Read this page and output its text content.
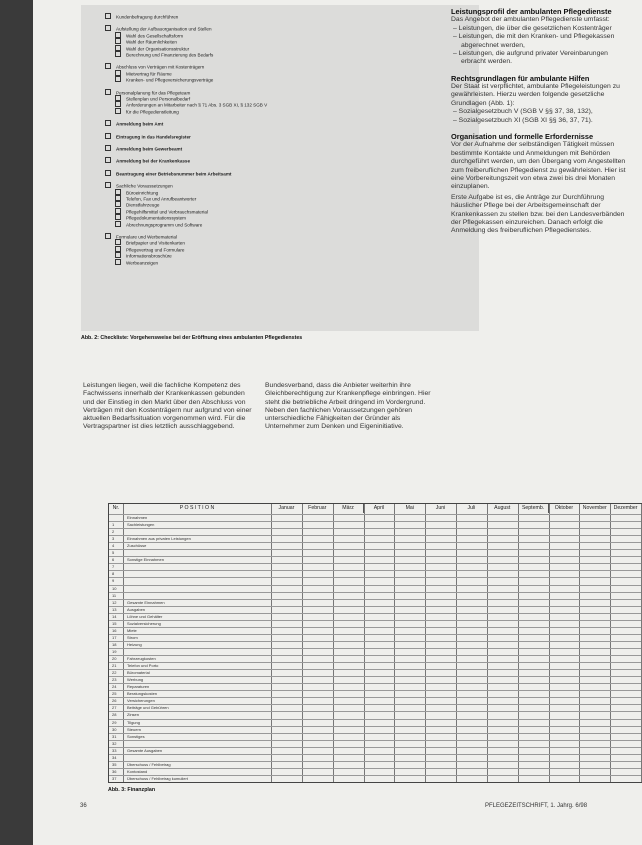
Kundenbefragung durchführen
Aufstellung der Aufbauorganisation und Stellen
Wahl des Gesellschaftsform
Wahl der Räumlichkeiten
Wahl der Organisationsstruktur
Berechnung und Finanzierung des Bedarfs
Abschluss von Verträgen mit Kostenträgern
Mietvertrag für Räume
Kranken- und Pflegeversicherungsverträge
Personalplanung für das Pflegeteam
Stellenplan und Personalbedarf
Anforderungen an Mitarbeiter nach § 71 Abs. 3 SGB XI, § 132 SGB V
für die Pflegedienstleitung
Anmeldung beim Amt
Eintragung in das Handelsregister
Anmeldung beim Gewerbeamt
Anmeldung bei der Krankenkasse
Beantragung einer Betriebsnummer beim Arbeitsamt
Sachliche Voraussetzungen
Büroeinrichtung
Telefon, Fax und Anrufbeantworter
Dienstfahrzeuge
Pflegehilfsmittel und Verbrauchsmaterial
Pflegedokumentationssystem
Abrechnungsprogramm und Software
Formulare und Werbematerial
Briefpapier und Visitenkarten
Pflegevertrag und Formulare
Informationsbroschüre
Werbeanzeigen
Abb. 2: Checkliste: Vorgehensweise bei der Eröffnung eines ambulanten Pflegedienstes

Leistungsprofil der ambulanten Pflegedienste

Das Angebot der ambulanten Pflegedienste umfasst:

– Leistungen, die über die gesetzlichen Kostenträger

– Leistungen, die mit den Kranken- und Pflegekassen abgerechnet werden,

– Leistungen, die aufgrund privater Vereinbarungen erbracht werden.

Rechtsgrundlagen für ambulante Hilfen

Der Staat ist verpflichtet, ambulante Pflegeleistungen zu gewährleisten. Hierzu werden folgende gesetzliche Grundlagen (Abb. 1):

– Sozialgesetzbuch V (SGB V §§ 37, 38, 132),

– Sozialgesetzbuch XI (SGB XI §§ 36, 37, 71).

Organisation und formelle Erfordernisse

Vor der Aufnahme der selbständigen Tätigkeit müssen bestimmte Kontakte und Anmeldungen mit Behörden durchgeführt werden, um den Übergang vom Angestellten zum freiberuflichen Pflegedienst zu gewährleisten. Hier ist eine Vorbereitungszeit von etwa zwei bis drei Monaten einzuplanen.

Erste Aufgabe ist es, die Anträge zur Durchführung häuslicher Pflege bei der Arbeitsgemeinschaft der Krankenkassen zu stellen bzw. bei den Landesverbänden der Pflegekassen einzureichen. Danach erfolgt die Anmeldung des freiberuflichen Pflegedienstes.

Leistungen liegen, weil die fachliche Kompetenz des Fachwissens innerhalb der Krankenkassen gebunden und der Einstieg in den Markt über den Abschluss von Verträgen mit den Kostenträgern nur aufgrund von einer aktuellen Bedarfssituation vorgenommen wird. Für die Vertragspartner ist dies letztlich ausschlaggebend.
Bundesverband, dass die Anbieter weiterhin ihre Gleichberechtigung zur Krankenpflege einbringen. Hier steht die betriebliche Arbeit dringend im Vordergrund. Neben den fachlichen Voraussetzungen gehören unterschiedliche Fähigkeiten der Gründer als Unternehmer zum Denken und Eigeninitiative.
Nr.	P O S I T I O N	Januar	Februar	März	April	Mai	Juni	Juli	August	Septemb.	Oktober	November	Dezember
Einnahmen
1	Sachleistungen
2
3	Einnahmen aus privaten Leistungen
4	Zuschüsse
5
6	Sonstige Einnahmen
7
8
9
10
11
12	Gesamte Einnahmen
13	Ausgaben
14	Löhne und Gehälter
15	Sozialversicherung
16	Miete
17	Strom
18	Heizung
19
20	Fahrzeugkosten
21	Telefon und Porto
22	Büromaterial
23	Werbung
24	Reparaturen
25	Beratungskosten
26	Versicherungen
27	Beiträge und Gebühren
28	Zinsen
29	Tilgung
30	Steuern
31	Sonstiges
32
33	Gesamte Ausgaben
34
35	Überschuss / Fehlbetrag
36	Kontostand
37	Überschuss / Fehlbetrag kumuliert
Abb. 3: Finanzplan
36	PFLEGEZEITSCHRIFT, 1. Jahrg. 6/98
